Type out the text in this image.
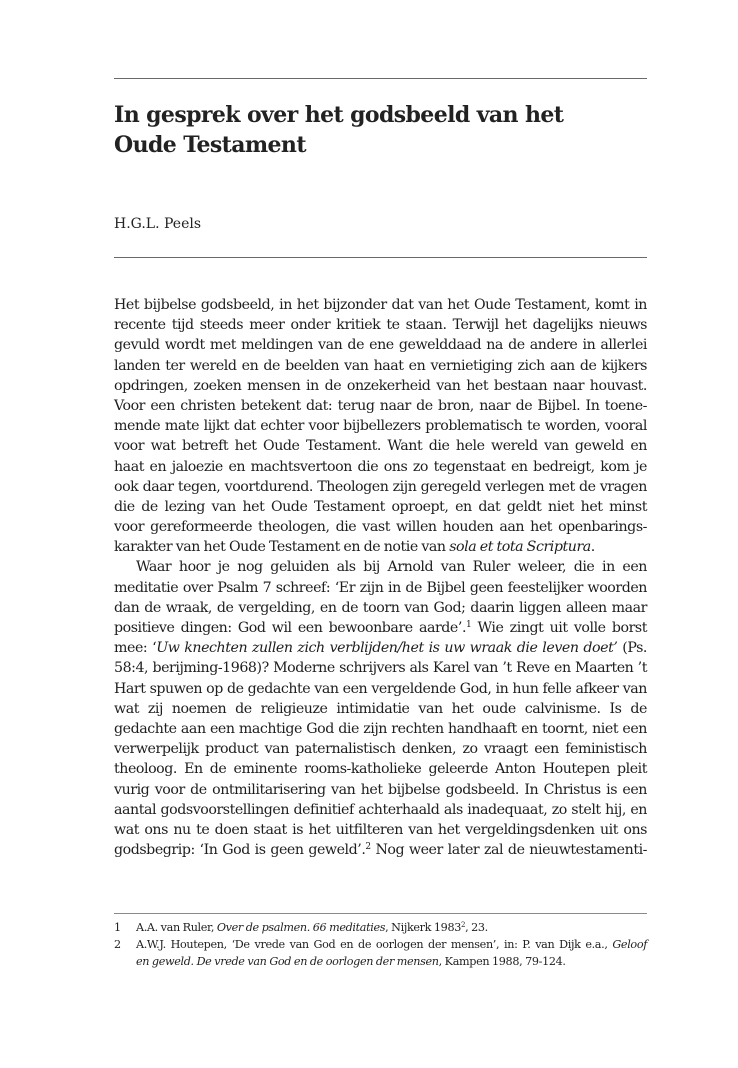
In gesprek over het godsbeeld van het
Oude Testament
H.G.L. Peels
Het bijbelse godsbeeld, in het bijzonder dat van het Oude Testament, komt in
recente tijd steeds meer onder kritiek te staan. Terwijl het dagelijks nieuws
gevuld wordt met meldingen van de ene gewelddaad na de andere in allerlei
landen ter wereld en de beelden van haat en vernietiging zich aan de kijkers
opdringen, zoeken mensen in de onzekerheid van het bestaan naar houvast.
Voor een christen betekent dat: terug naar de bron, naar de Bijbel. In toene-
mende mate lijkt dat echter voor bijbellezers problematisch te worden, vooral
voor wat betreft het Oude Testament. Want die hele wereld van geweld en
haat en jaloezie en machtsvertoon die ons zo tegenstaat en bedreigt, kom je
ook daar tegen, voortdurend. Theologen zijn geregeld verlegen met de vragen
die de lezing van het Oude Testament oproept, en dat geldt niet het minst
voor gereformeerde theologen, die vast willen houden aan het openbarings-
karakter van het Oude Testament en de notie van sola et tota Scriptura.
Waar hoor je nog geluiden als bij Arnold van Ruler weleer, die in een
meditatie over Psalm 7 schreef: ‘Er zijn in de Bijbel geen feestelijker woorden
dan de wraak, de vergelding, en de toorn van God; daarin liggen alleen maar
positieve dingen: God wil een bewoonbare aarde’.$^1$ Wie zingt uit volle borst
mee: ‘Uw knechten zullen zich verblijden/het is uw wraak die leven doet’ (Ps.
58:4, berijming-1968)? Moderne schrijvers als Karel van ’t Reve en Maarten ’t
Hart spuwen op de gedachte van een vergeldende God, in hun felle afkeer van
wat zij noemen de religieuze intimidatie van het oude calvinisme. Is de
gedachte aan een machtige God die zijn rechten handhaaft en toornt, niet een
verwerpelijk product van paternalistisch denken, zo vraagt een feministisch
theoloog. En de eminente rooms-katholieke geleerde Anton Houtepen pleit
vurig voor de ontmilitarisering van het bijbelse godsbeeld. In Christus is een
aantal godsvoorstellingen definitief achterhaald als inadequaat, zo stelt hij, en
wat ons nu te doen staat is het uitfilteren van het vergeldingsdenken uit ons
godsbegrip: ‘In God is geen geweld’.$^2$ Nog weer later zal de nieuwtestamenti-
1 A.A. van Ruler, Over de psalmen. 66 meditaties, Nijkerk 1983$^2$, 23.
2 A.W.J. Houtepen, ‘De vrede van God en de oorlogen der mensen’, in: P. van Dijk e.a., Geloof
en geweld. De vrede van God en de oorlogen der mensen, Kampen 1988, 79-124.
